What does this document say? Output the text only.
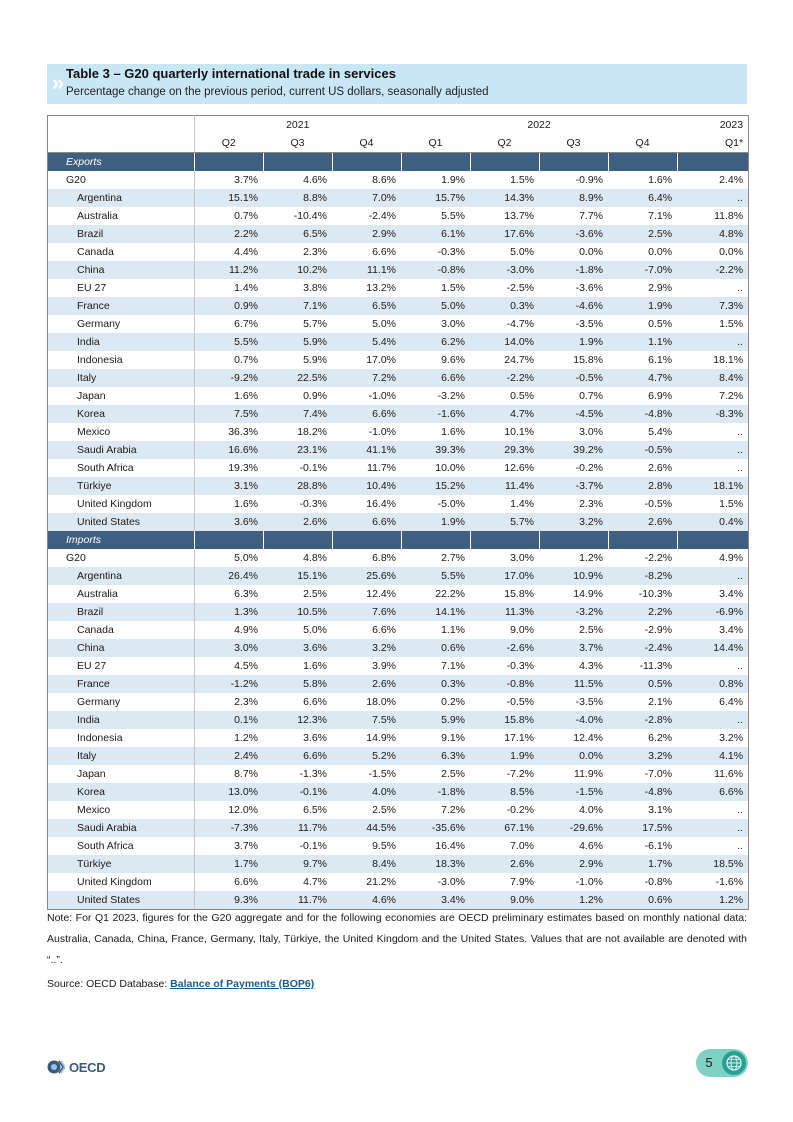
» Table 3 – G20 quarterly international trade in services
Percentage change on the previous period, current US dollars, seasonally adjusted
	2021			2022				2023
	Q2	Q3	Q4	Q1	Q2	Q3	Q4	Q1*
Exports								
G20	3.7%	4.6%	8.6%	1.9%	1.5%	-0.9%	1.6%	2.4%
Argentina	15.1%	8.8%	7.0%	15.7%	14.3%	8.9%	6.4%	..
Australia	0.7%	-10.4%	-2.4%	5.5%	13.7%	7.7%	7.1%	11.8%
Brazil	2.2%	6.5%	2.9%	6.1%	17.6%	-3.6%	2.5%	4.8%
Canada	4.4%	2.3%	6.6%	-0.3%	5.0%	0.0%	0.0%	0.0%
China	11.2%	10.2%	11.1%	-0.8%	-3.0%	-1.8%	-7.0%	-2.2%
EU 27	1.4%	3.8%	13.2%	1.5%	-2.5%	-3.6%	2.9%	..
France	0.9%	7.1%	6.5%	5.0%	0.3%	-4.6%	1.9%	7.3%
Germany	6.7%	5.7%	5.0%	3.0%	-4.7%	-3.5%	0.5%	1.5%
India	5.5%	5.9%	5.4%	6.2%	14.0%	1.9%	1.1%	..
Indonesia	0.7%	5.9%	17.0%	9.6%	24.7%	15.8%	6.1%	18.1%
Italy	-9.2%	22.5%	7.2%	6.6%	-2.2%	-0.5%	4.7%	8.4%
Japan	1.6%	0.9%	-1.0%	-3.2%	0.5%	0.7%	6.9%	7.2%
Korea	7.5%	7.4%	6.6%	-1.6%	4.7%	-4.5%	-4.8%	-8.3%
Mexico	36.3%	18.2%	-1.0%	1.6%	10.1%	3.0%	5.4%	..
Saudi Arabia	16.6%	23.1%	41.1%	39.3%	29.3%	39.2%	-0.5%	..
South Africa	19.3%	-0.1%	11.7%	10.0%	12.6%	-0.2%	2.6%	..
Türkiye	3.1%	28.8%	10.4%	15.2%	11.4%	-3.7%	2.8%	18.1%
United Kingdom	1.6%	-0.3%	16.4%	-5.0%	1.4%	2.3%	-0.5%	1.5%
United States	3.6%	2.6%	6.6%	1.9%	5.7%	3.2%	2.6%	0.4%
Imports								
G20	5.0%	4.8%	6.8%	2.7%	3.0%	1.2%	-2.2%	4.9%
Argentina	26.4%	15.1%	25.6%	5.5%	17.0%	10.9%	-8.2%	..
Australia	6.3%	2.5%	12.4%	22.2%	15.8%	14.9%	-10.3%	3.4%
Brazil	1.3%	10.5%	7.6%	14.1%	11.3%	-3.2%	2.2%	-6.9%
Canada	4.9%	5.0%	6.6%	1.1%	9.0%	2.5%	-2.9%	3.4%
China	3.0%	3.6%	3.2%	0.6%	-2.6%	3.7%	-2.4%	14.4%
EU 27	4.5%	1.6%	3.9%	7.1%	-0.3%	4.3%	-11.3%	..
France	-1.2%	5.8%	2.6%	0.3%	-0.8%	11.5%	0.5%	0.8%
Germany	2.3%	6.6%	18.0%	0.2%	-0.5%	-3.5%	2.1%	6.4%
India	0.1%	12.3%	7.5%	5.9%	15.8%	-4.0%	-2.8%	..
Indonesia	1.2%	3.6%	14.9%	9.1%	17.1%	12.4%	6.2%	3.2%
Italy	2.4%	6.6%	5.2%	6.3%	1.9%	0.0%	3.2%	4.1%
Japan	8.7%	-1.3%	-1.5%	2.5%	-7.2%	11.9%	-7.0%	11.6%
Korea	13.0%	-0.1%	4.0%	-1.8%	8.5%	-1.5%	-4.8%	6.6%
Mexico	12.0%	6.5%	2.5%	7.2%	-0.2%	4.0%	3.1%	..
Saudi Arabia	-7.3%	11.7%	44.5%	-35.6%	67.1%	-29.6%	17.5%	..
South Africa	3.7%	-0.1%	9.5%	16.4%	7.0%	4.6%	-6.1%	..
Türkiye	1.7%	9.7%	8.4%	18.3%	2.6%	2.9%	1.7%	18.5%
United Kingdom	6.6%	4.7%	21.2%	-3.0%	7.9%	-1.0%	-0.8%	-1.6%
United States	9.3%	11.7%	4.6%	3.4%	9.0%	1.2%	0.6%	1.2%
Note: For Q1 2023, figures for the G20 aggregate and for the following economies are OECD preliminary estimates based on monthly national data: Australia, Canada, China, France, Germany, Italy, Türkiye, the United Kingdom and the United States. Values that are not available are denoted with “..”.
Source: OECD Database: Balance of Payments (BOP6)
OECD	5
